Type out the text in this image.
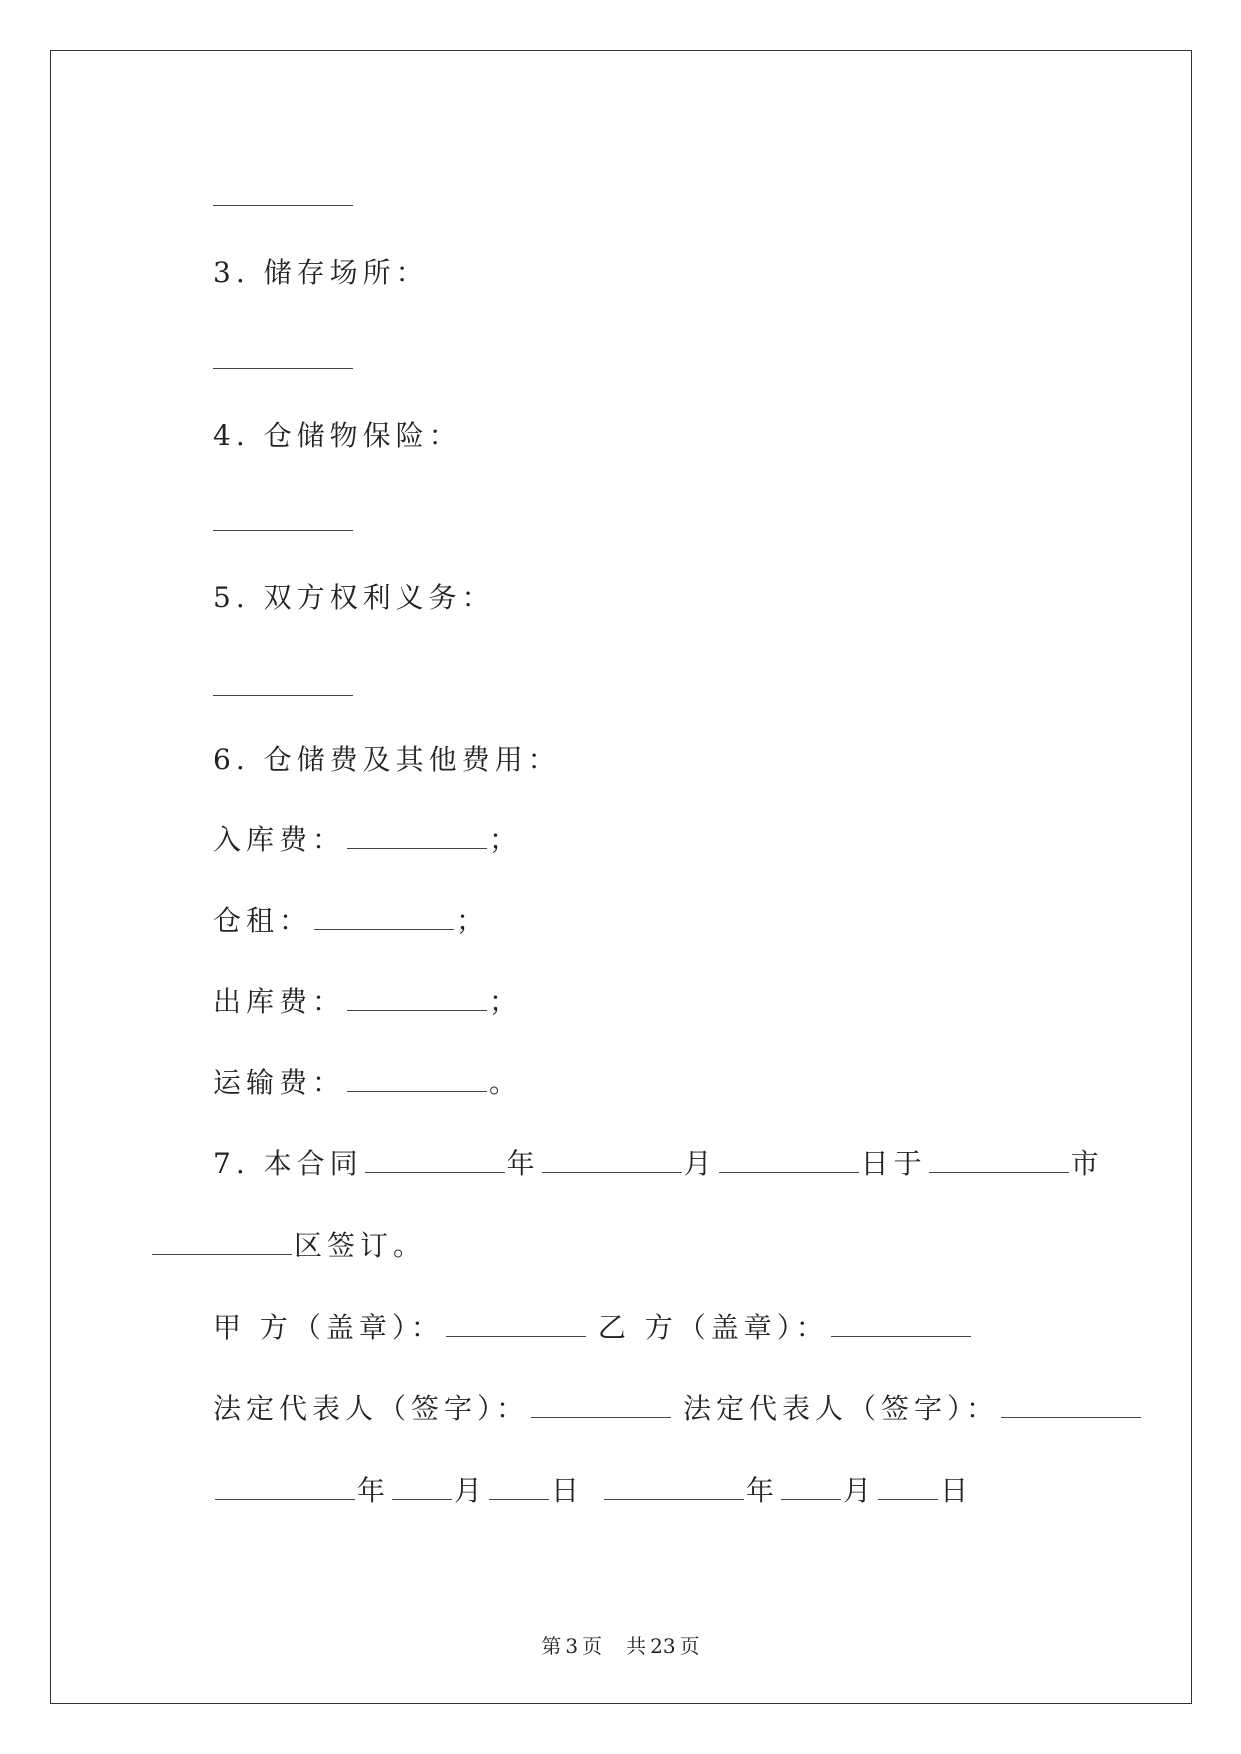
3. 储存场所：
4. 仓储物保险：
5. 双方权利义务：
6. 仓储费及其他费用：
入库费：	；
仓租：	；
出库费：	；
运输费：	。
7. 本合同	年	月	日于	市
区签订。
甲 方（盖章）：	乙 方（盖章）：
法定代表人（签字）：	法定代表人（签字）：
年 月 日	年 月 日
第 3 页 共 23 页
